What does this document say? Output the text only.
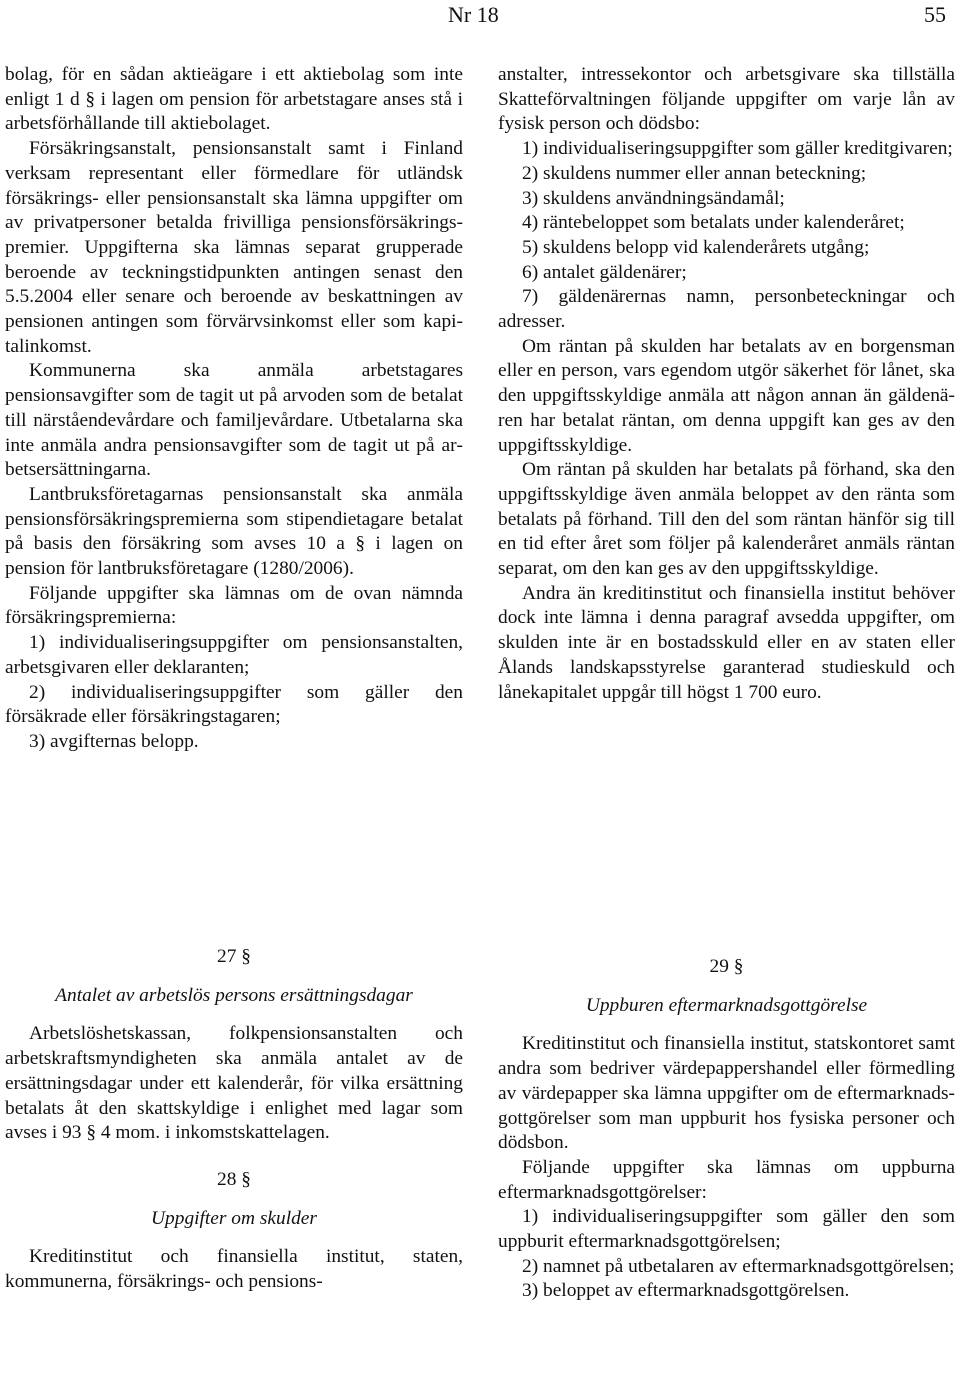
Nr 18	55

bolag, för en sådan aktieägare i ett aktiebolag som inte enligt 1 d § i lagen om pension för arbetstagare anses stå i arbetsförhållande till aktiebolaget.

Försäkringsanstalt, pensionsanstalt samt i Finland verksam representant eller förmedlare för utländsk försäkrings- eller pensionsanstalt ska lämna uppgifter om av privatpersoner betalda frivilliga pensionsförsäkringspremier. Uppgifterna ska lämnas separat grupperade beroende av teckningstidpunkten antingen senast den 5.5.2004 eller senare och beroende av beskattningen av pensionen antingen som förvärvsinkomst eller som kapitalinkomst.

Kommunerna ska anmäla arbetstagares pensionsavgifter som de tagit ut på arvoden som de betalat till närståendevårdare och familjevårdare. Utbetalarna ska inte anmäla andra pensionsavgifter som de tagit ut på arbetsersättningarna.

Lantbruksföretagarnas pensionsanstalt ska anmäla pensionsförsäkringspremierna som stipendietagare betalat på basis den försäkring som avses 10 a § i lagen on pension för lantbruksföretagare (1280/2006).

Följande uppgifter ska lämnas om de ovan nämnda försäkringspremierna:

1) individualiseringsuppgifter om pensionsanstalten, arbetsgivaren eller deklaranten;

2) individualiseringsuppgifter som gäller den försäkrade eller försäkringstagaren;

3) avgifternas belopp.

27 §

Antalet av arbetslös persons ersättningsdagar

Arbetslöshetskassan, folkpensionsanstalten och arbetskraftsmyndigheten ska anmäla antalet av de ersättningsdagar under ett kalenderår, för vilka ersättning betalats åt den skattskyldige i enlighet med lagar som avses i 93 § 4 mom. i inkomstskattelagen.

28 §

Uppgifter om skulder

Kreditinstitut och finansiella institut, staten, kommunerna, försäkrings- och pensions-

anstalter, intressekontor och arbetsgivare ska tillställa Skatteförvaltningen följande uppgifter om varje lån av fysisk person och dödsbo:

1) individualiseringsuppgifter som gäller kreditgivaren;

2) skuldens nummer eller annan beteckning;

3) skuldens användningsändamål;

4) räntebeloppet som betalats under kalenderåret;

5) skuldens belopp vid kalenderårets utgång;

6) antalet gäldenärer;

7) gäldenärernas namn, personbeteckningar och adresser.

Om räntan på skulden har betalats av en borgensman eller en person, vars egendom utgör säkerhet för lånet, ska den uppgiftsskyldige anmäla att någon annan än gäldenären har betalat räntan, om denna uppgift kan ges av den uppgiftsskyldige.

Om räntan på skulden har betalats på förhand, ska den uppgiftsskyldige även anmäla beloppet av den ränta som betalats på förhand. Till den del som räntan hänför sig till en tid efter året som följer på kalenderåret anmäls räntan separat, om den kan ges av den uppgiftsskyldige.

Andra än kreditinstitut och finansiella institut behöver dock inte lämna i denna paragraf avsedda uppgifter, om skulden inte är en bostadsskuld eller en av staten eller Ålands landskapsstyrelse garanterad studieskuld och lånekapitalet uppgår till högst 1 700 euro.

29 §

Uppburen eftermarknadsgottgörelse

Kreditinstitut och finansiella institut, statskontoret samt andra som bedriver värdepappershandel eller förmedling av värdepapper ska lämna uppgifter om de eftermarknadsgottgörelser som man uppburit hos fysiska personer och dödsbon.

Följande uppgifter ska lämnas om uppburna eftermarknadsgottgörelser:

1) individualiseringsuppgifter som gäller den som uppburit eftermarknadsgottgörelsen;

2) namnet på utbetalaren av eftermarknadsgottgörelsen;

3) beloppet av eftermarknadsgottgörelsen.
